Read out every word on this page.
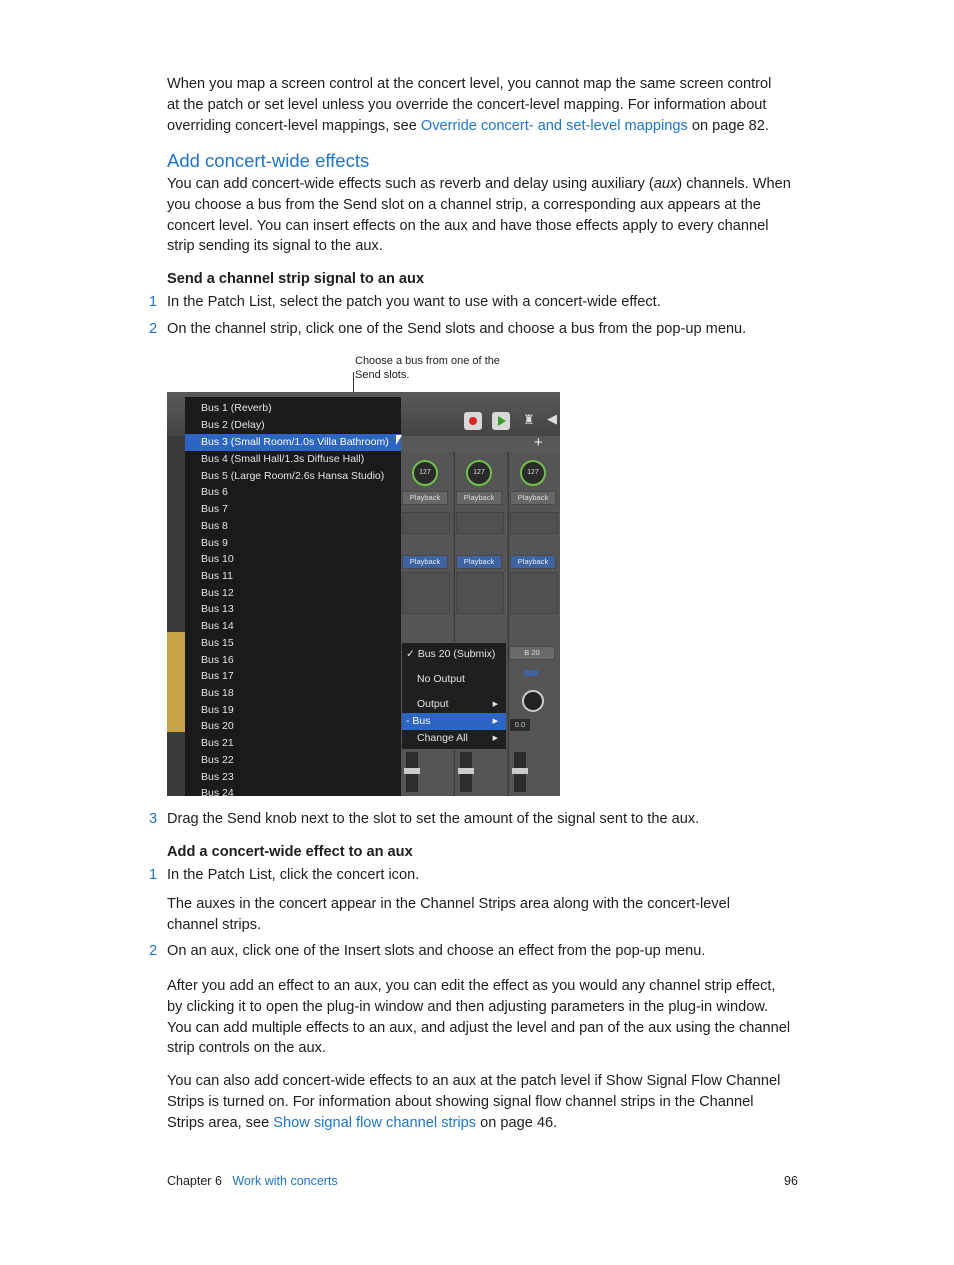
When you map a screen control at the concert level, you cannot map the same screen control
at the patch or set level unless you override the concert-level mapping. For information about
overriding concert-level mappings, see Override concert- and set-level mappings on page 82.
Add concert-wide effects
You can add concert-wide effects such as reverb and delay using auxiliary (aux) channels. When
you choose a bus from the Send slot on a channel strip, a corresponding aux appears at the
concert level. You can insert effects on the aux and have those effects apply to every channel
strip sending its signal to the aux.
Send a channel strip signal to an aux
1 In the Patch List, select the patch you want to use with a concert-wide effect.
2 On the channel strip, click one of the Send slots and choose a bus from the pop-up menu.
Choose a bus from one of the
Send slots.
♜ ◀
+
127	127	127
Playback	Playback	Playback
Playback	Playback	Playback
B 20
0.0
Bus 1 (Reverb)
Bus 2 (Delay)
Bus 3 (Small Room/1.0s Villa Bathroom)
Bus 4 (Small Hall/1.3s Diffuse Hall)
Bus 5 (Large Room/2.6s Hansa Studio)
Bus 6
Bus 7
Bus 8
Bus 9
Bus 10
Bus 11
Bus 12
Bus 13
Bus 14
Bus 15
Bus 16
Bus 17
Bus 18
Bus 19
Bus 20
Bus 21
Bus 22
Bus 23
Bus 24
✓ Bus 20 (Submix)
No Output
Output	▶
- Bus	▶
Change All	▶
3 Drag the Send knob next to the slot to set the amount of the signal sent to the aux.
Add a concert-wide effect to an aux
1 In the Patch List, click the concert icon.
The auxes in the concert appear in the Channel Strips area along with the concert-level
channel strips.
2 On an aux, click one of the Insert slots and choose an effect from the pop-up menu.
After you add an effect to an aux, you can edit the effect as you would any channel strip effect,
by clicking it to open the plug-in window and then adjusting parameters in the plug-in window.
You can add multiple effects to an aux, and adjust the level and pan of the aux using the channel
strip controls on the aux.
You can also add concert-wide effects to an aux at the patch level if Show Signal Flow Channel
Strips is turned on. For information about showing signal flow channel strips in the Channel
Strips area, see Show signal flow channel strips on page 46.
Chapter 6 Work with concerts	96
